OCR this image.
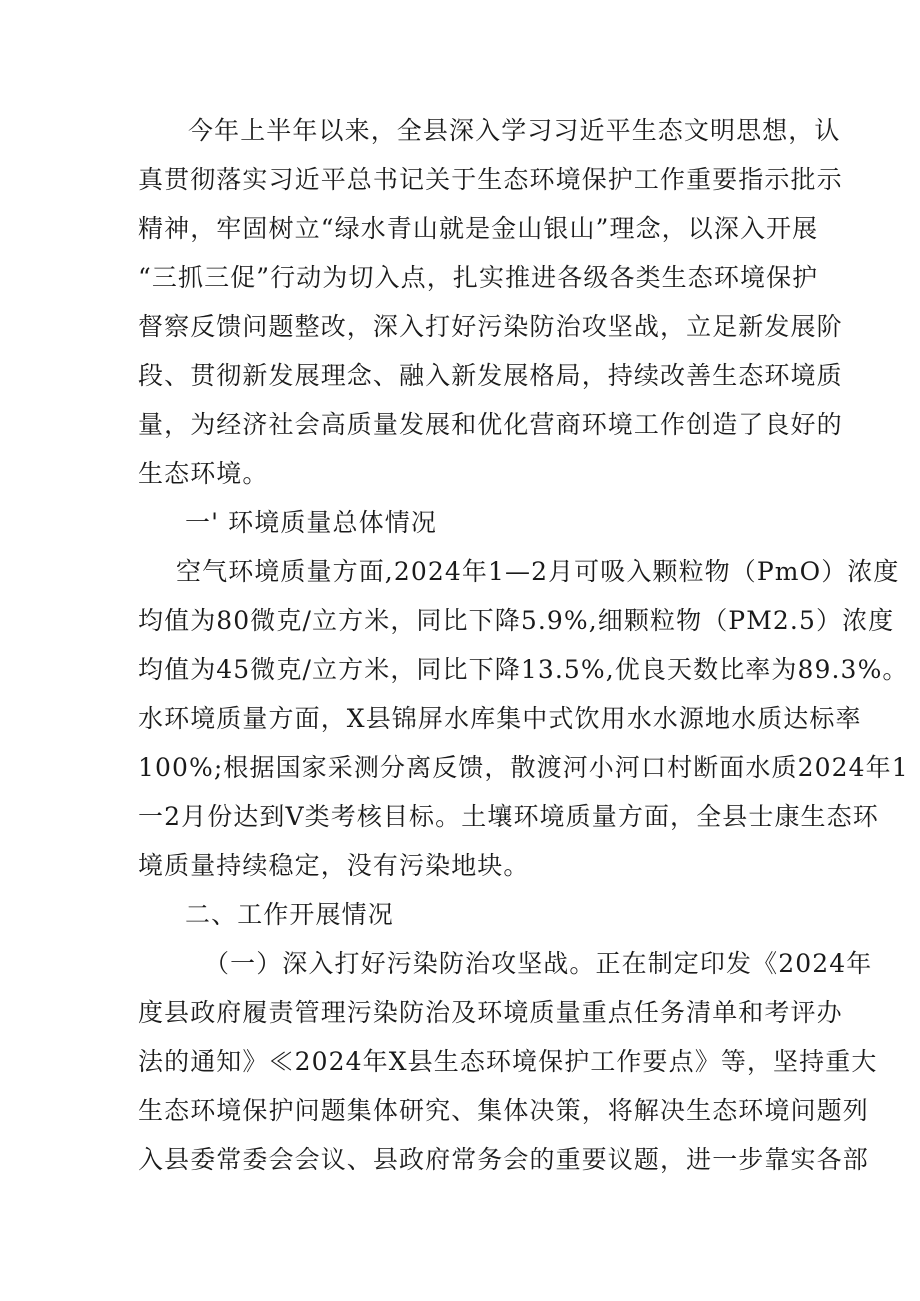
今年上半年以来，全县深入学习习近平生态文明思想，认
真贯彻落实习近平总书记关于生态环境保护工作重要指示批示
精神，牢固树立“绿水青山就是金山银山”理念，以深入开展
“三抓三促”行动为切入点，扎实推进各级各类生态环境保护
督察反馈问题整改，深入打好污染防治攻坚战，立足新发展阶
段、贯彻新发展理念、融入新发展格局，持续改善生态环境质
量，为经济社会高质量发展和优化营商环境工作创造了良好的
生态环境。
一' 环境质量总体情况
空气环境质量方面,2024年1—2月可吸入颗粒物（PmO）浓度
均值为80微克/立方米，同比下降5.9%,细颗粒物（PM2.5）浓度
均值为45微克/立方米，同比下降13.5%,优良天数比率为89.3%。
水环境质量方面，X县锦屏水库集中式饮用水水源地水质达标率
100%;根据国家采测分离反馈，散渡河小河口村断面水质2024年1
一2月份达到V类考核目标。土壤环境质量方面，全县士康生态环
境质量持续稳定，没有污染地块。
二、工作开展情况
（一）深入打好污染防治攻坚战。正在制定印发《2024年
度县政府履责管理污染防治及环境质量重点任务清单和考评办
法的通知》≪2024年X县生态环境保护工作要点》等，坚持重大
生态环境保护问题集体研究、集体决策，将解决生态环境问题列
入县委常委会会议、县政府常务会的重要议题，进一步靠实各部
